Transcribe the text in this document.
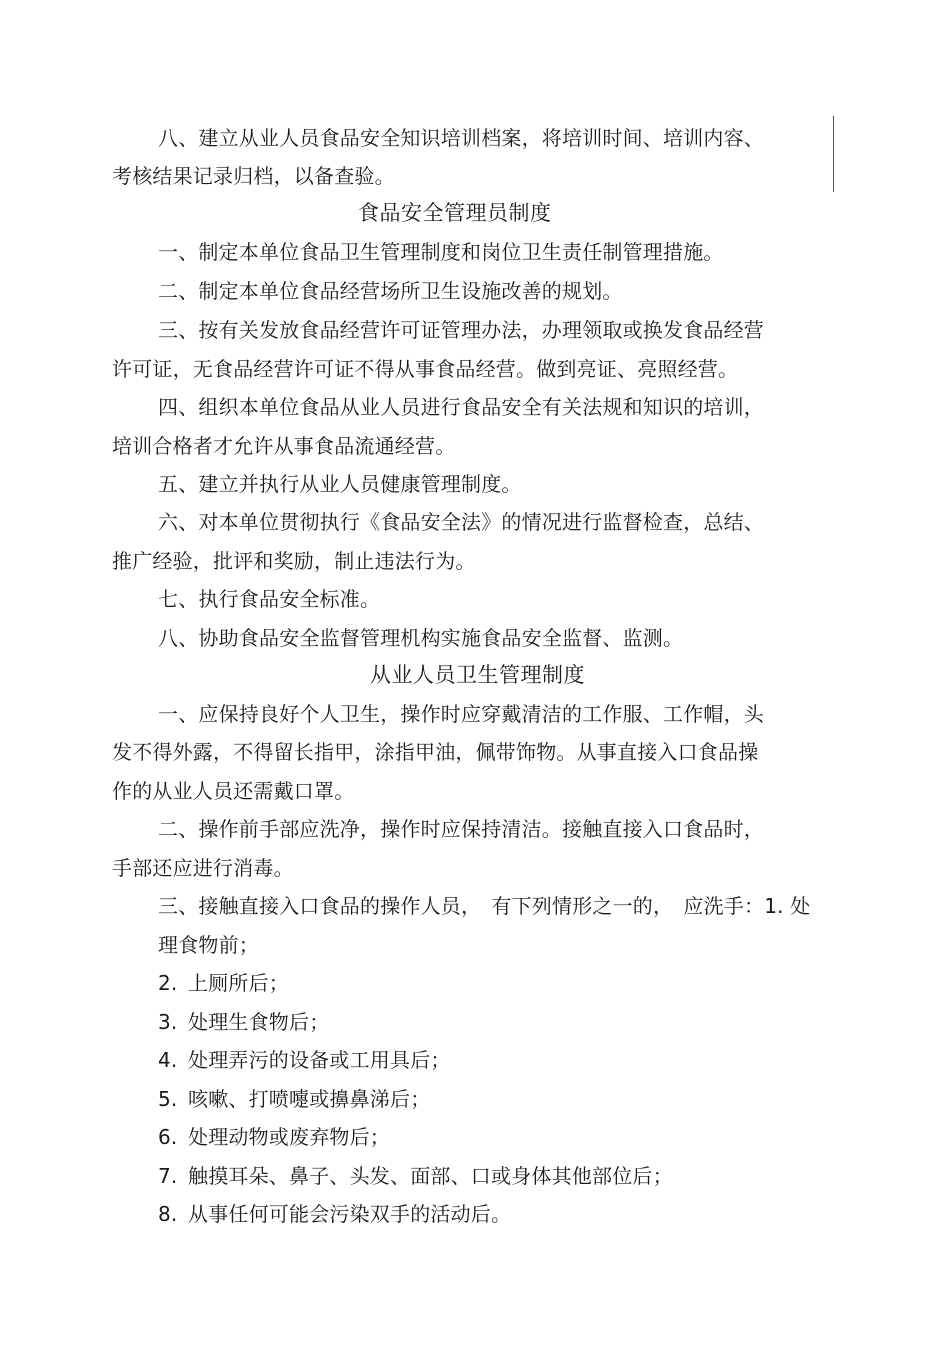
八、建立从业人员食品安全知识培训档案，将培训时间、培训内容、
考核结果记录归档，以备查验。
食品安全管理员制度
一、制定本单位食品卫生管理制度和岗位卫生责任制管理措施。
二、制定本单位食品经营场所卫生设施改善的规划。
三、按有关发放食品经营许可证管理办法，办理领取或换发食品经营
许可证，无食品经营许可证不得从事食品经营。做到亮证、亮照经营。
四、组织本单位食品从业人员进行食品安全有关法规和知识的培训，
培训合格者才允许从事食品流通经营。
五、建立并执行从业人员健康管理制度。
六、对本单位贯彻执行《食品安全法》的情况进行监督检查，总结、
推广经验，批评和奖励，制止违法行为。
七、执行食品安全标准。
八、协助食品安全监督管理机构实施食品安全监督、监测。
从业人员卫生管理制度
一、应保持良好个人卫生，操作时应穿戴清洁的工作服、工作帽，头
发不得外露，不得留长指甲，涂指甲油，佩带饰物。从事直接入口食品操
作的从业人员还需戴口罩。
二、操作前手部应洗净，操作时应保持清洁。接触直接入口食品时，
手部还应进行消毒。
三、接触直接入口食品的操作人员，　有下列情形之一的，　应洗手：1. 处
理食物前；
2. 上厕所后；
3. 处理生食物后；
4. 处理弄污的设备或工用具后；
5. 咳嗽、打喷嚏或擤鼻涕后；
6. 处理动物或废弃物后；
7. 触摸耳朵、鼻子、头发、面部、口或身体其他部位后；
8. 从事任何可能会污染双手的活动后。
